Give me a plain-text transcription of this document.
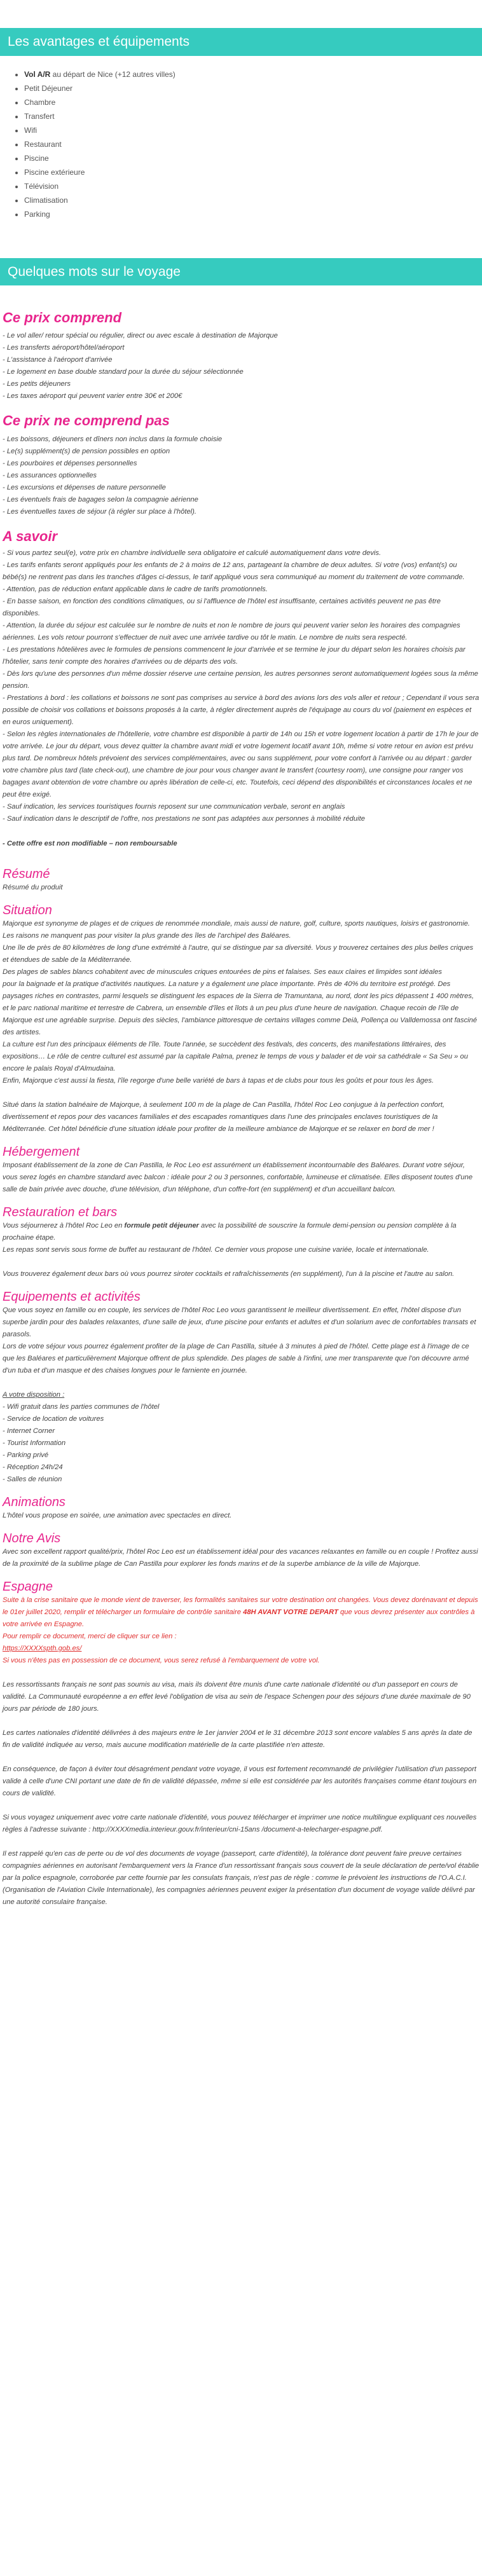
Les avantages et équipements
• Vol A/R au départ de Nice (+12 autres villes)
• Petit Déjeuner
• Chambre
• Transfert
• Wifi
• Restaurant
• Piscine
• Piscine extérieure
• Télévision
• Climatisation
• Parking
Quelques mots sur le voyage
Ce prix comprend

- Le vol aller/ retour spécial ou régulier, direct ou avec escale à destination de Majorque

- Les transferts aéroport/hôtel/aéroport

- L'assistance à l'aéroport d'arrivée

- Le logement en base double standard pour la durée du séjour sélectionnée

- Les petits déjeuners

- Les taxes aéroport qui peuvent varier entre 30€ et 200€

Ce prix ne comprend pas

- Les boissons, déjeuners et dîners non inclus dans la formule choisie

- Le(s) supplément(s) de pension possibles en option

- Les pourboires et dépenses personnelles

- Les assurances optionnelles

- Les excursions et dépenses de nature personnelle

- Les éventuels frais de bagages selon la compagnie aérienne

- Les éventuelles taxes de séjour (à régler sur place à l'hôtel).

A savoir
- Si vous partez seul(e), votre prix en chambre individuelle sera obligatoire et calculé automatiquement dans votre devis.
- Les tarifs enfants seront appliqués pour les enfants de 2 à moins de 12 ans, partageant la chambre de deux adultes. Si votre (vos) enfant(s) ou bébé(s) ne rentrent pas dans les tranches d'âges ci-dessus, le tarif appliqué vous sera communiqué au moment du traitement de votre commande.
- Attention, pas de réduction enfant applicable dans le cadre de tarifs promotionnels.
- En basse saison, en fonction des conditions climatiques, ou si l'affluence de l'hôtel est insuffisante, certaines activités peuvent ne pas être disponibles.
- Attention, la durée du séjour est calculée sur le nombre de nuits et non le nombre de jours qui peuvent varier selon les horaires des compagnies aériennes. Les vols retour pourront s'effectuer de nuit avec une arrivée tardive ou tôt le matin. Le nombre de nuits sera respecté.
- Les prestations hôtelières avec le formules de pensions commencent le jour d'arrivée et se termine le jour du départ selon les horaires choisis par l'hôtelier, sans tenir compte des horaires d'arrivées ou de départs des vols.
- Dès lors qu'une des personnes d'un même dossier réserve une certaine pension, les autres personnes seront automatiquement logées sous la même pension.
- Prestations à bord : les collations et boissons ne sont pas comprises au service à bord des avions lors des vols aller et retour ; Cependant il vous sera possible de choisir vos collations et boissons proposés à la carte, à régler directement auprès de l'équipage au cours du vol (paiement en espèces et en euros uniquement).
- Selon les règles internationales de l'hôtellerie, votre chambre est disponible à partir de 14h ou 15h et votre logement location à partir de 17h le jour de votre arrivée. Le jour du départ, vous devez quitter la chambre avant midi et votre logement locatif avant 10h, même si votre retour en avion est prévu plus tard. De nombreux hôtels prévoient des services complémentaires, avec ou sans supplément, pour votre confort à l'arrivée ou au départ : garder votre chambre plus tard (late check-out), une chambre de jour pour vous changer avant le transfert (courtesy room), une consigne pour ranger vos bagages avant obtention de votre chambre ou après libération de celle-ci, etc. Toutefois, ceci dépend des disponibilités et circonstances locales et ne peut être exigé.
- Sauf indication, les services touristiques fournis reposent sur une communication verbale, seront en anglais
- Sauf indication dans le descriptif de l'offre, nos prestations ne sont pas adaptées aux personnes à mobilité réduite
- Cette offre est non modifiable – non remboursable
Résumé
Résumé du produit
Situation
Majorque est synonyme de plages et de criques de renommée mondiale, mais aussi de nature, golf, culture, sports nautiques, loisirs et gastronomie. Les raisons ne manquent pas pour visiter la plus grande des îles de l'archipel des Baléares.
Une île de près de 80 kilomètres de long d'une extrémité à l'autre, qui se distingue par sa diversité. Vous y trouverez certaines des plus belles criques et étendues de sable de la Méditerranée.
Des plages de sables blancs cohabitent avec de minuscules criques entourées de pins et falaises. Ses eaux claires et limpides sont idéales
pour la baignade et la pratique d'activités nautiques. La nature y a également une place importante. Près de 40% du territoire est protégé. Des paysages riches en contrastes, parmi lesquels se distinguent les espaces de la Sierra de Tramuntana, au nord, dont les pics dépassent 1 400 mètres, et le parc national maritime et terrestre de Cabrera, un ensemble d'îles et îlots à un peu plus d'une heure de navigation. Chaque recoin de l'île de Majorque est une agréable surprise. Depuis des siècles, l'ambiance pittoresque de certains villages comme Deià, Pollença ou Valldemossa ont fasciné des artistes.
La culture est l'un des principaux éléments de l'île. Toute l'année, se succèdent des festivals, des concerts, des manifestations littéraires, des expositions… Le rôle de centre culturel est assumé par la capitale Palma, prenez le temps de vous y balader et de voir sa cathédrale « Sa Seu » ou encore le palais Royal d'Almudaina.
Enfin, Majorque c'est aussi la fiesta, l'île regorge d'une belle variété de bars à tapas et de clubs pour tous les goûts et pour tous les âges.
Situé dans la station balnéaire de Majorque, à seulement 100 m de la plage de Can Pastilla, l'hôtel Roc Leo conjugue à la perfection confort, divertissement et repos pour des vacances familiales et des escapades romantiques dans l'une des principales enclaves touristiques de la Méditerranée. Cet hôtel bénéficie d'une situation idéale pour profiter de la meilleure ambiance de Majorque et se relaxer en bord de mer !
Hébergement
Imposant établissement de la zone de Can Pastilla, le Roc Leo est assurément un établissement incontournable des Baléares. Durant votre séjour, vous serez logés en chambre standard avec balcon : idéale pour 2 ou 3 personnes, confortable, lumineuse et climatisée. Elles disposent toutes d'une salle de bain privée avec douche, d'une télévision, d'un téléphone, d'un coffre-fort (en supplément) et d'un accueillant balcon.
Restauration et bars
Vous séjournerez à l'hôtel Roc Leo en formule petit déjeuner avec la possibilité de souscrire la formule demi-pension ou pension complète à la prochaine étape.
Les repas sont servis sous forme de buffet au restaurant de l'hôtel. Ce dernier vous propose une cuisine variée, locale et internationale.
Vous trouverez également deux bars où vous pourrez siroter cocktails et rafraîchissements (en supplément), l'un à la piscine et l'autre au salon.
Equipements et activités
Que vous soyez en famille ou en couple, les services de l'hôtel Roc Leo vous garantissent le meilleur divertissement. En effet, l'hôtel dispose d'un superbe jardin pour des balades relaxantes, d'une salle de jeux, d'une piscine pour enfants et adultes et d'un solarium avec de confortables transats et parasols.
Lors de votre séjour vous pourrez également profiter de la plage de Can Pastilla, située à 3 minutes à pied de l'hôtel. Cette plage est à l'image de ce que les Baléares et particulièrement Majorque offrent de plus splendide. Des plages de sable à l'infini, une mer transparente que l'on découvre armé d'un tuba et d'un masque et des chaises longues pour le farniente en journée.
A votre disposition :

- Wifi gratuit dans les parties communes de l'hôtel

- Service de location de voitures

- Internet Corner

- Tourist Information

- Parking privé

- Réception 24h/24

- Salles de réunion

Animations
L'hôtel vous propose en soirée, une animation avec spectacles en direct.
Notre Avis
Avec son excellent rapport qualité/prix, l'hôtel Roc Leo est un établissement idéal pour des vacances relaxantes en famille ou en couple ! Profitez aussi de la proximité de la sublime plage de Can Pastilla pour explorer les fonds marins et de la superbe ambiance de la ville de Majorque.
Espagne
Suite à la crise sanitaire que le monde vient de traverser, les formalités sanitaires sur votre destination ont changées. Vous devez dorénavant et depuis le 01er juillet 2020, remplir et télécharger un formulaire de contrôle sanitaire 48H AVANT VOTRE DEPART que vous devrez présenter aux contrôles à votre arrivée en Espagne.
Pour remplir ce document, merci de cliquer sur ce lien :
https://XXXXspth.gob.es/
Si vous n'êtes pas en possession de ce document, vous serez refusé à l'embarquement de votre vol.
Les ressortissants français ne sont pas soumis au visa, mais ils doivent être munis d'une carte nationale d'identité ou d'un passeport en cours de validité. La Communauté européenne a en effet levé l'obligation de visa au sein de l'espace Schengen pour des séjours d'une durée maximale de 90 jours par période de 180 jours.
Les cartes nationales d'identité délivrées à des majeurs entre le 1er janvier 2004 et le 31 décembre 2013 sont encore valables 5 ans après la date de fin de validité indiquée au verso, mais aucune modification matérielle de la carte plastifiée n'en atteste.
En conséquence, de façon à éviter tout désagrément pendant votre voyage, il vous est fortement recommandé de privilégier l'utilisation d'un passeport valide à celle d'une CNI portant une date de fin de validité dépassée, même si elle est considérée par les autorités françaises comme étant toujours en cours de validité.
Si vous voyagez uniquement avec votre carte nationale d'identité, vous pouvez télécharger et imprimer une notice multilingue expliquant ces nouvelles règles à l'adresse suivante : http://XXXXmedia.interieur.gouv.fr/interieur/cni-15ans /document-a-telecharger-espagne.pdf.
Il est rappelé qu'en cas de perte ou de vol des documents de voyage (passeport, carte d'identité), la tolérance dont peuvent faire preuve certaines compagnies aériennes en autorisant l'embarquement vers la France d'un ressortissant français sous couvert de la seule déclaration de perte/vol établie par la police espagnole, corroborée par cette fournie par les consulats français, n'est pas de règle : comme le prévoient les instructions de l'O.A.C.I. (Organisation de l'Aviation Civile Internationale), les compagnies aériennes peuvent exiger la présentation d'un document de voyage valide délivré par une autorité consulaire française.
